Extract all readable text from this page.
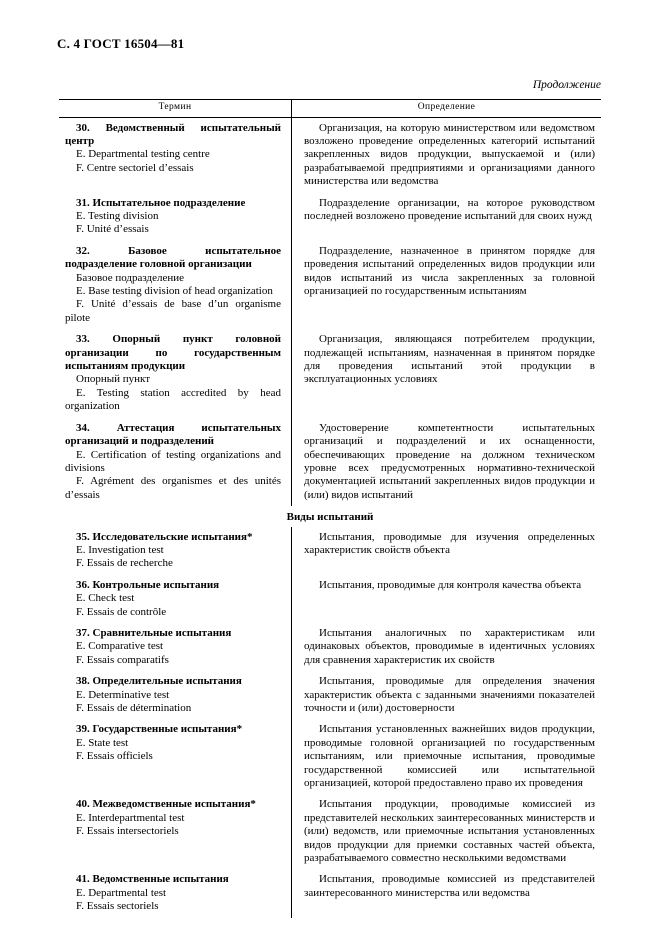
С. 4 ГОСТ 16504—81
Продолжение
Термин	Определение
30. Ведомственный испытательный центр
E. Departmental testing centre
F. Centre sectoriel d’essais
Организация, на которую министерством или ведомством возложено проведение определенных категорий испытаний закрепленных видов продукции, выпускаемой и (или) разрабатываемой предприятиями и организациями данного министерства или ведомства
31. Испытательное подразделение
E. Testing division
F. Unité d’essais
Подразделение организации, на которое руководством последней возложено проведение испытаний для своих нужд
32. Базовое испытательное подразделение головной организации
Базовое подразделение
E. Base testing division of head organization
F. Unité d’essais de base d’un organisme pilote
Подразделение, назначенное в принятом порядке для проведения испытаний определенных видов продукции или видов испытаний из числа закрепленных за головной организацией по государственным испытаниям
33. Опорный пункт головной организации по государственным испытаниям продукции
Опорный пункт
E. Testing station accredited by head organization
Организация, являющаяся потребителем продукции, подлежащей испытаниям, назначенная в принятом порядке для проведения испытаний этой продукции в эксплуатационных условиях
34. Аттестация испытательных организаций и подразделений
E. Certification of testing organizations and divisions
F. Agrément des organismes et des unités d’essais
Удостоверение компетентности испытательных организаций и подразделений и их оснащенности, обеспечивающих проведение на должном техническом уровне всех предусмотренных нормативно-технической документацией испытаний закрепленных видов продукции и (или) видов испытаний
Виды испытаний
35. Исследовательские испытания*
E. Investigation test
F. Essais de recherche
Испытания, проводимые для изучения определенных характеристик свойств объекта
36. Контрольные испытания
E. Check test
F. Essais de contrôle
Испытания, проводимые для контроля качества объекта
37. Сравнительные испытания
E. Comparative test
F. Essais comparatifs
Испытания аналогичных по характеристикам или одинаковых объектов, проводимые в идентичных условиях для сравнения характеристик их свойств
38. Определительные испытания
E. Determinative test
F. Essais de détermination
Испытания, проводимые для определения значения характеристик объекта с заданными значениями показателей точности и (или) достоверности
39. Государственные испытания*
E. State test
F. Essais officiels
Испытания установленных важнейших видов продукции, проводимые головной организацией по государственным испытаниям, или приемочные испытания, проводимые государственной комиссией или испытательной организацией, которой предоставлено право их проведения
40. Межведомственные испытания*
E. Interdepartmental test
F. Essais intersectoriels
Испытания продукции, проводимые комиссией из представителей нескольких заинтересованных министерств и (или) ведомств, или приемочные испытания установленных видов продукции для приемки составных частей объекта, разрабатываемого совместно несколькими ведомствами
41. Ведомственные испытания
E. Departmental test
F. Essais sectoriels
Испытания, проводимые комиссией из представителей заинтересованного министерства или ведомства
